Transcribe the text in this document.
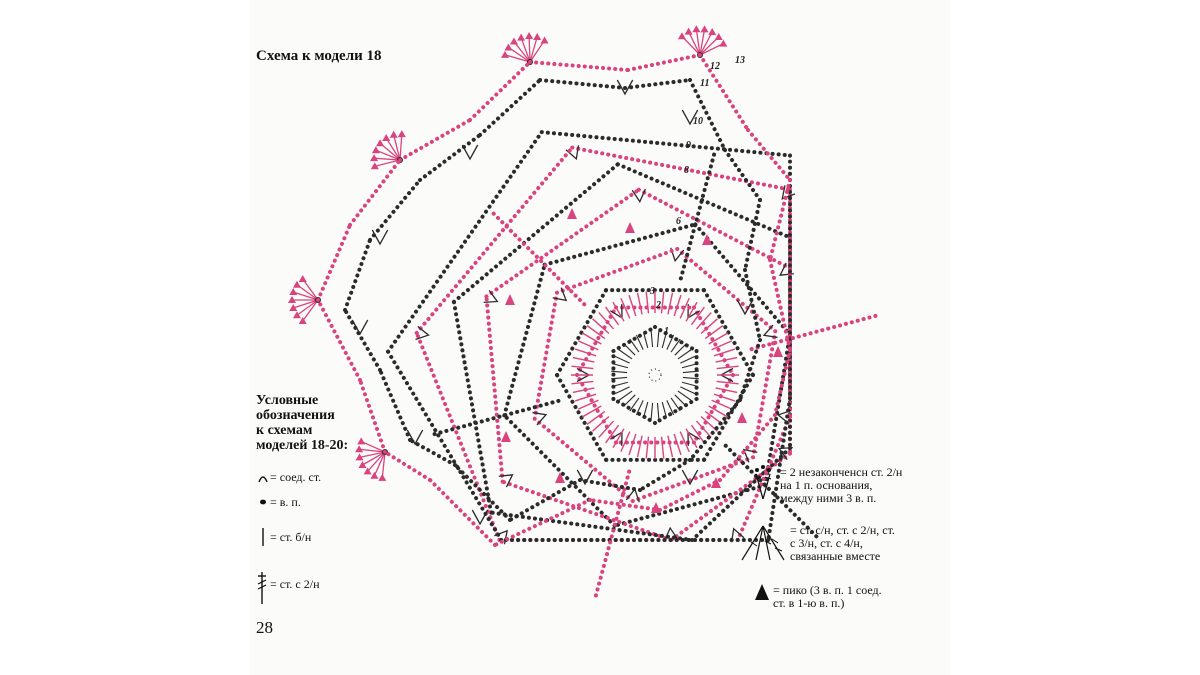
Схема к модели 18
1
2
3
6
8
9
10
11
12
13
Условные
обозначения
к схемам
моделей 18-20:
= соед. ст.
= в. п.
= ст. б/н
= ст. с 2/н
= 2 незаконченсн ст. 2/н
на 1 п. основания,
между ними 3 в. п.
= ст. с/н, ст. с 2/н, ст.
с 3/н, ст. с 4/н,
связанные вместе
= пико (3 в. п. 1 соед.
ст. в 1-ю в. п.)
28
